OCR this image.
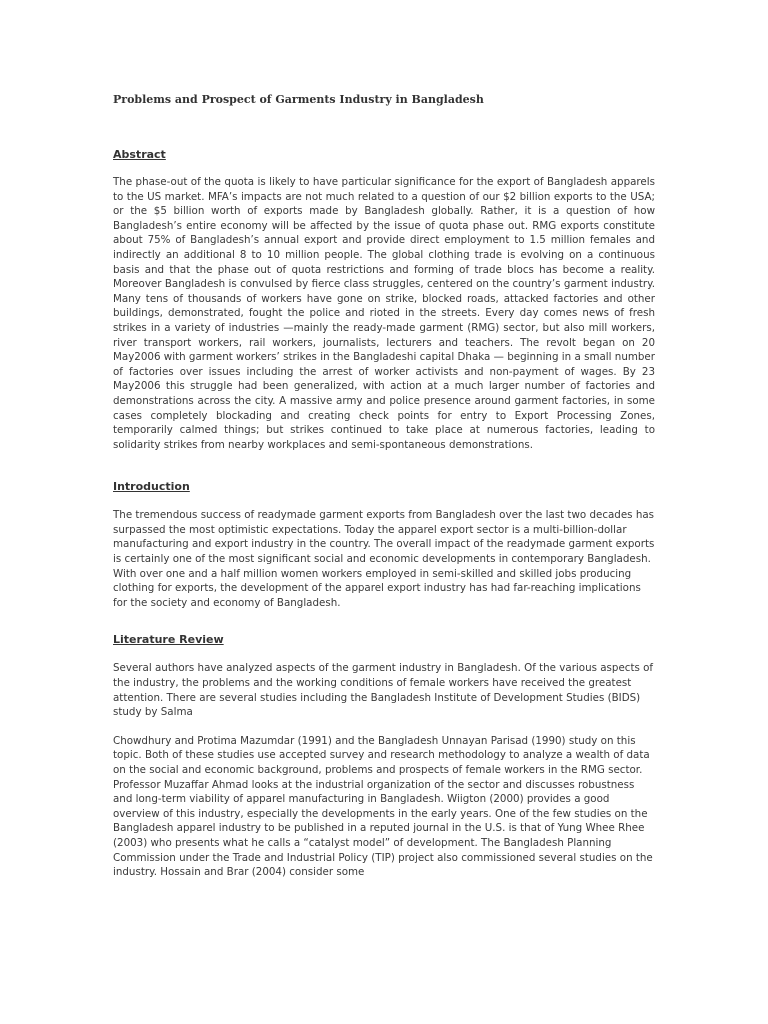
Problems and Prospect of Garments Industry in Bangladesh
Abstract

The phase-out of the quota is likely to have particular significance for the export of Bangladesh apparels to the US market. MFA’s impacts are not much related to a question of our $2 billion exports to the USA; or the $5 billion worth of exports made by Bangladesh globally. Rather, it is a question of how Bangladesh’s entire economy will be affected by the issue of quota phase out. RMG exports constitute about 75% of Bangladesh’s annual export and provide direct employment to 1.5 million females and indirectly an additional 8 to 10 million people. The global clothing trade is evolving on a continuous basis and that the phase out of quota restrictions and forming of trade blocs has become a reality. Moreover Bangladesh is convulsed by fierce class struggles, centered on the country’s garment industry. Many tens of thousands of workers have gone on strike, blocked roads, attacked factories and other buildings, demonstrated, fought the police and rioted in the streets. Every day comes news of fresh strikes in a variety of industries —mainly the ready-made garment (RMG) sector, but also mill workers, river transport workers, rail workers, journalists, lecturers and teachers. The revolt began on 20 May2006 with garment workers’ strikes in the Bangladeshi capital Dhaka — beginning in a small number of factories over issues including the arrest of worker activists and non-payment of wages. By 23 May2006 this struggle had been generalized, with action at a much larger number of factories and demonstrations across the city. A massive army and police presence around garment factories, in some cases completely blockading and creating check points for entry to Export Processing Zones, temporarily calmed things; but strikes continued to take place at numerous factories, leading to solidarity strikes from nearby workplaces and semi-spontaneous demonstrations.

Introduction

The tremendous success of readymade garment exports from Bangladesh over the last two decades has surpassed the most optimistic expectations. Today the apparel export sector is a multi-billion-dollar manufacturing and export industry in the country. The overall impact of the readymade garment exports is certainly one of the most significant social and economic developments in contemporary Bangladesh. With over one and a half million women workers employed in semi-skilled and skilled jobs producing clothing for exports, the development of the apparel export industry has had far-reaching implications for the society and economy of Bangladesh.

Literature Review

Several authors have analyzed aspects of the garment industry in Bangladesh. Of the various aspects of the industry, the problems and the working conditions of female workers have received the greatest attention. There are several studies including the Bangladesh Institute of Development Studies (BIDS) study by Salma

Chowdhury and Protima Mazumdar (1991) and the Bangladesh Unnayan Parisad (1990) study on this topic. Both of these studies use accepted survey and research methodology to analyze a wealth of data on the social and economic background, problems and prospects of female workers in the RMG sector. Professor Muzaffar Ahmad looks at the industrial organization of the sector and discusses robustness and long-term viability of apparel manufacturing in Bangladesh. Wiigton (2000) provides a good overview of this industry, especially the developments in the early years. One of the few studies on the Bangladesh apparel industry to be published in a reputed journal in the U.S. is that of Yung Whee Rhee (2003) who presents what he calls a “catalyst model” of development. The Bangladesh Planning Commission under the Trade and Industrial Policy (TIP) project also commissioned several studies on the industry. Hossain and Brar (2004) consider some
